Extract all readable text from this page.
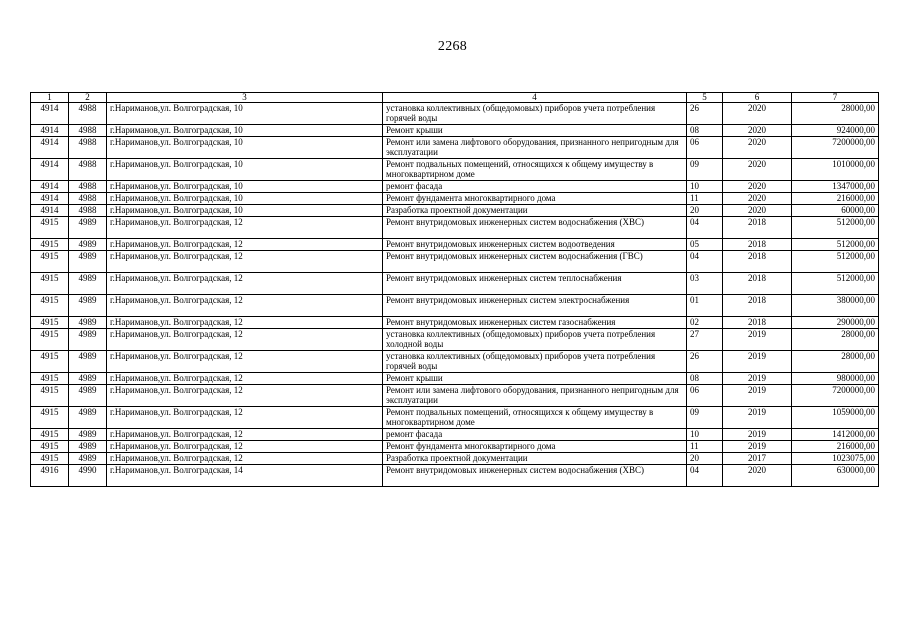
2268
1	2	3	4	5	6	7
4914	4988	г.Нариманов,ул. Волгоградская, 10	установка коллективных (общедомовых) приборов учета потребления горячей воды	26	2020	28000,00
4914	4988	г.Нариманов,ул. Волгоградская, 10	Ремонт крыши	08	2020	924000,00
4914	4988	г.Нариманов,ул. Волгоградская, 10	Ремонт или замена лифтового оборудования, признанного непригодным для эксплуатации	06	2020	7200000,00
4914	4988	г.Нариманов,ул. Волгоградская, 10	Ремонт подвальных помещений, относящихся к общему имуществу в многоквартирном доме	09	2020	1010000,00
4914	4988	г.Нариманов,ул. Волгоградская, 10	ремонт фасада	10	2020	1347000,00
4914	4988	г.Нариманов,ул. Волгоградская, 10	Ремонт фундамента многоквартирного дома	11	2020	216000,00
4914	4988	г.Нариманов,ул. Волгоградская, 10	Разработка проектной документации	20	2020	60000,00
4915	4989	г.Нариманов,ул. Волгоградская, 12	Ремонт внутридомовых инженерных систем водоснабжения (ХВС)	04	2018	512000,00
4915	4989	г.Нариманов,ул. Волгоградская, 12	Ремонт внутридомовых инженерных систем водоотведения	05	2018	512000,00
4915	4989	г.Нариманов,ул. Волгоградская, 12	Ремонт внутридомовых инженерных систем водоснабжения (ГВС)	04	2018	512000,00
4915	4989	г.Нариманов,ул. Волгоградская, 12	Ремонт внутридомовых инженерных систем теплоснабжения	03	2018	512000,00
4915	4989	г.Нариманов,ул. Волгоградская, 12	Ремонт внутридомовых инженерных систем электроснабжения	01	2018	380000,00
4915	4989	г.Нариманов,ул. Волгоградская, 12	Ремонт внутридомовых инженерных систем газоснабжения	02	2018	290000,00
4915	4989	г.Нариманов,ул. Волгоградская, 12	установка коллективных (общедомовых) приборов учета потребления холодной воды	27	2019	28000,00
4915	4989	г.Нариманов,ул. Волгоградская, 12	установка коллективных (общедомовых) приборов учета потребления горячей воды	26	2019	28000,00
4915	4989	г.Нариманов,ул. Волгоградская, 12	Ремонт крыши	08	2019	980000,00
4915	4989	г.Нариманов,ул. Волгоградская, 12	Ремонт или замена лифтового оборудования, признанного непригодным для эксплуатации	06	2019	7200000,00
4915	4989	г.Нариманов,ул. Волгоградская, 12	Ремонт подвальных помещений, относящихся к общему имуществу в многоквартирном доме	09	2019	1059000,00
4915	4989	г.Нариманов,ул. Волгоградская, 12	ремонт фасада	10	2019	1412000,00
4915	4989	г.Нариманов,ул. Волгоградская, 12	Ремонт фундамента многоквартирного дома	11	2019	216000,00
4915	4989	г.Нариманов,ул. Волгоградская, 12	Разработка проектной документации	20	2017	1023075,00
4916	4990	г.Нариманов,ул. Волгоградская, 14	Ремонт внутридомовых инженерных систем водоснабжения (ХВС)	04	2020	630000,00
